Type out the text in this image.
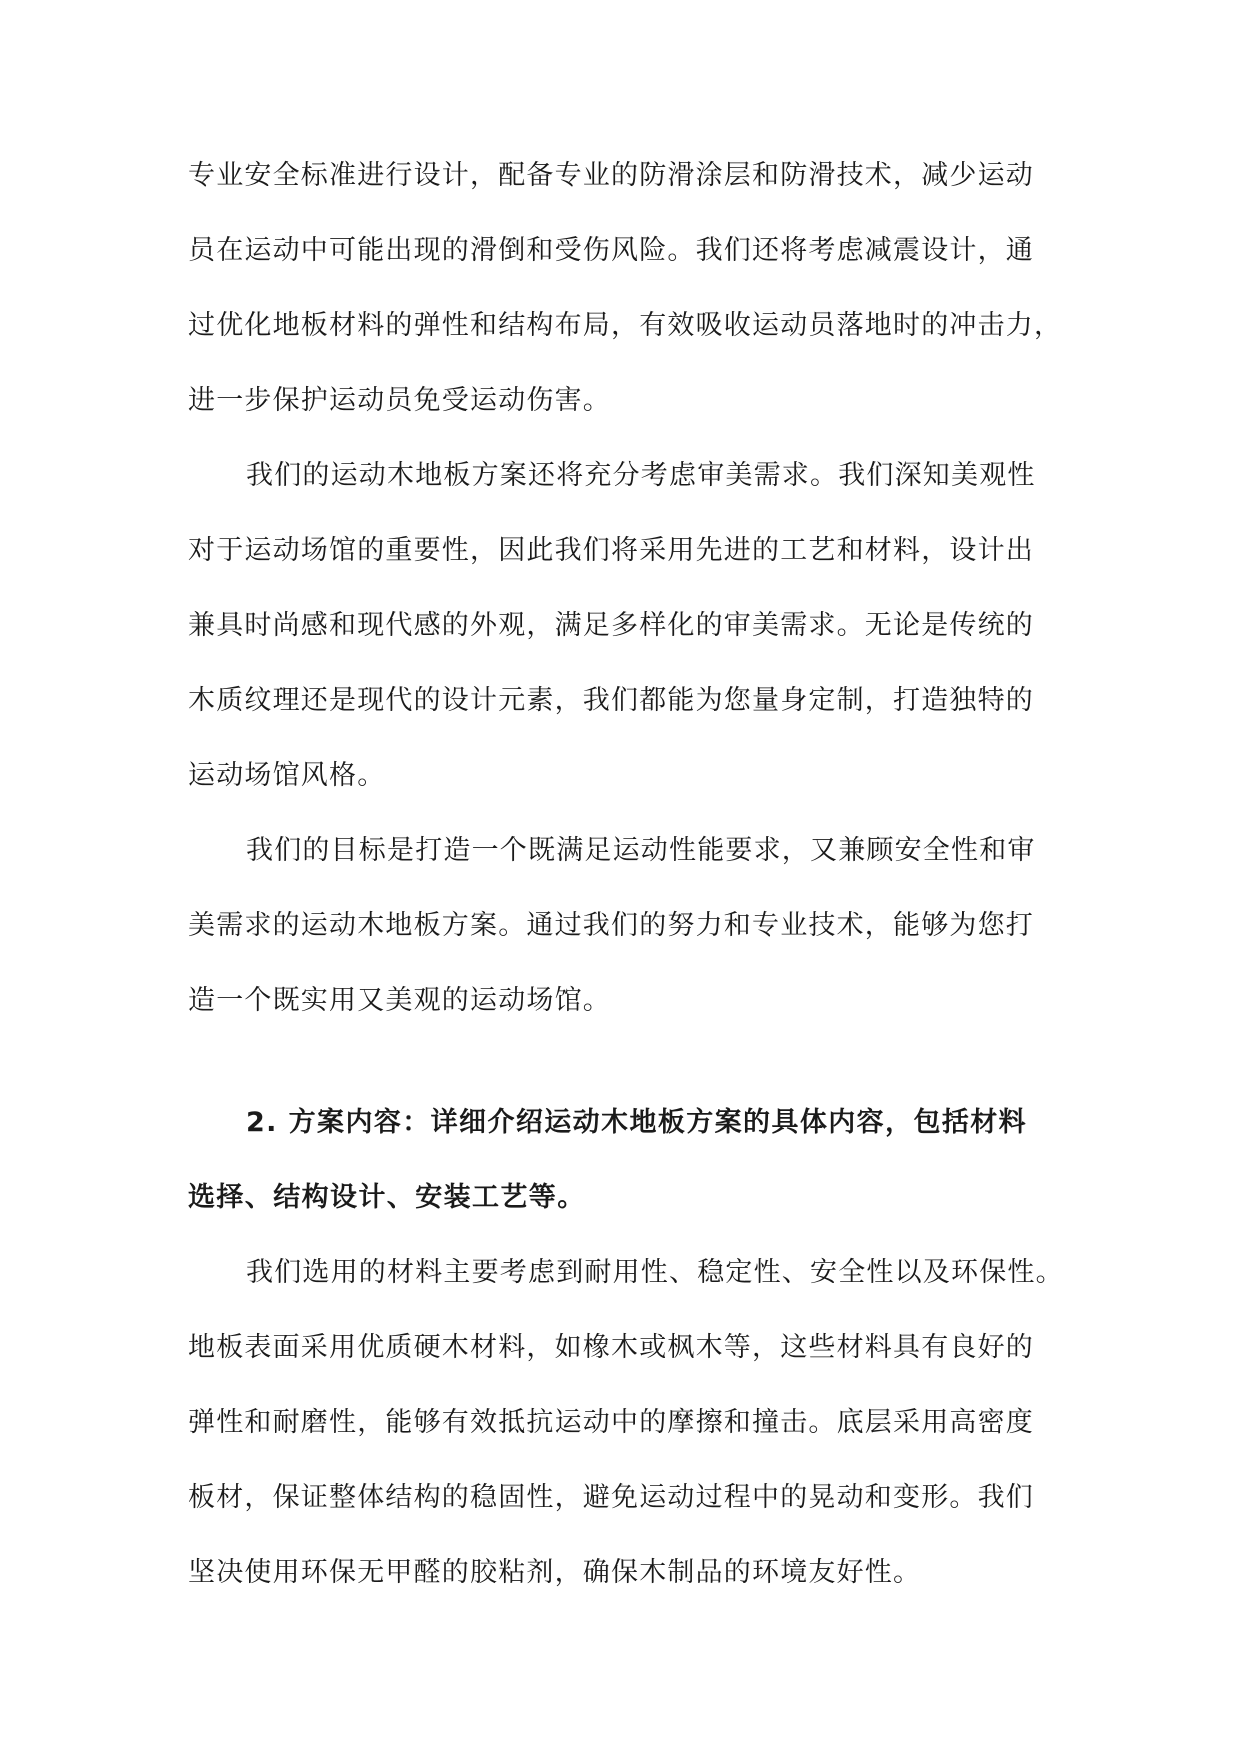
专业安全标准进行设计，配备专业的防滑涂层和防滑技术，减少运动
员在运动中可能出现的滑倒和受伤风险。我们还将考虑减震设计，通
过优化地板材料的弹性和结构布局，有效吸收运动员落地时的冲击力，
进一步保护运动员免受运动伤害。
我们的运动木地板方案还将充分考虑审美需求。我们深知美观性
对于运动场馆的重要性，因此我们将采用先进的工艺和材料，设计出
兼具时尚感和现代感的外观，满足多样化的审美需求。无论是传统的
木质纹理还是现代的设计元素，我们都能为您量身定制，打造独特的
运动场馆风格。
我们的目标是打造一个既满足运动性能要求，又兼顾安全性和审
美需求的运动木地板方案。通过我们的努力和专业技术，能够为您打
造一个既实用又美观的运动场馆。
2. 方案内容：详细介绍运动木地板方案的具体内容，包括材料
选择、结构设计、安装工艺等。
我们选用的材料主要考虑到耐用性、稳定性、安全性以及环保性。
地板表面采用优质硬木材料，如橡木或枫木等，这些材料具有良好的
弹性和耐磨性，能够有效抵抗运动中的摩擦和撞击。底层采用高密度
板材，保证整体结构的稳固性，避免运动过程中的晃动和变形。我们
坚决使用环保无甲醛的胶粘剂，确保木制品的环境友好性。
